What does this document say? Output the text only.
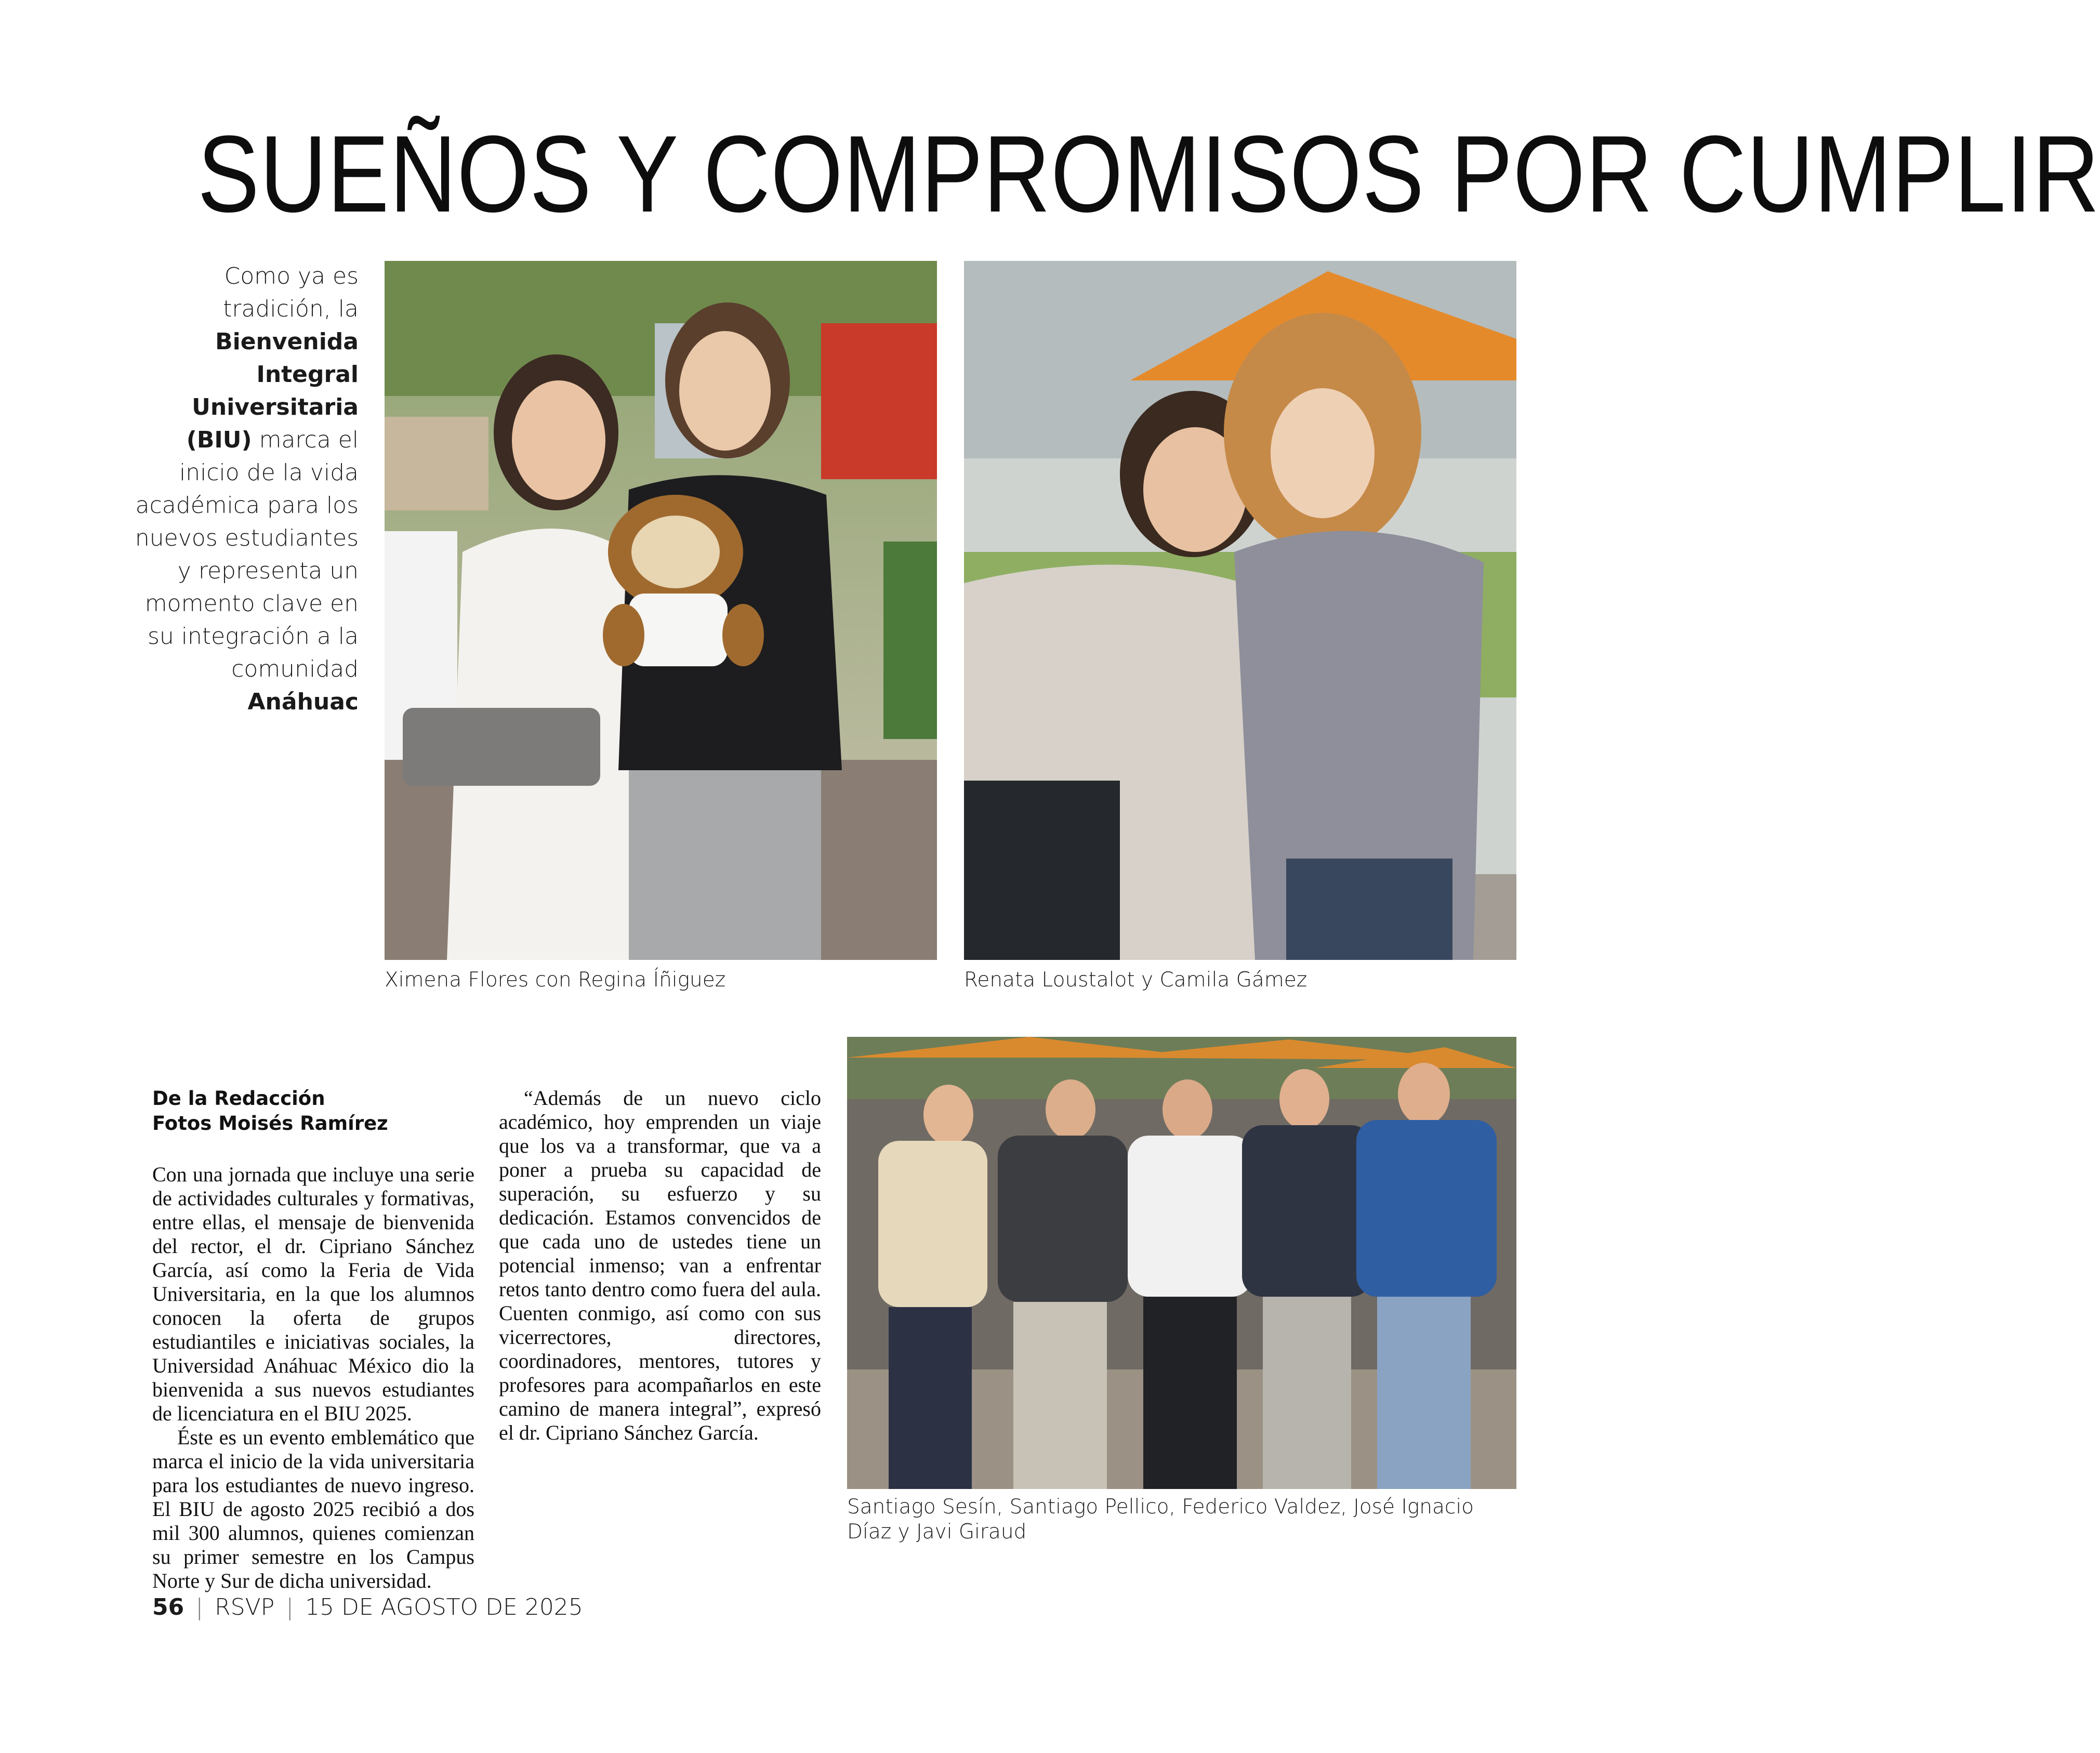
SUEÑOS Y COMPROMISOS POR CUMPLIR
Como ya es tradición, la Bienvenida Integral Universitaria (BIU) marca el inicio de la vida académica para los nuevos estudiantes y representa un momento clave en su integración a la comunidad Anáhuac
Ximena Flores con Regina Íñiguez	Renata Loustalot y Camila Gámez
Santiago Sesín, Santiago Pellico, Federico Valdez, José Ignacio Díaz y Javi Giraud
De la Redacción
Fotos Moisés Ramírez

Con una jornada que incluye una serie de actividades culturales y formativas, entre ellas, el mensaje de bienvenida del rector, el dr. Cipriano Sánchez García, así como la Feria de Vida Universitaria, en la que los alumnos conocen la oferta de grupos estudiantiles e iniciativas sociales, la Universidad Anáhuac México dio la bienvenida a sus nuevos estudiantes de licenciatura en el BIU 2025.

Éste es un evento emblemático que marca el inicio de la vida universitaria para los estudiantes de nuevo ingreso. El BIU de agosto 2025 recibió a dos mil 300 alumnos, quienes comienzan su primer semestre en los Campus Norte y Sur de dicha universidad.

“Además de un nuevo ciclo académico, hoy emprenden un viaje que los va a transformar, que va a poner a prueba su capacidad de superación, su esfuerzo y su dedicación. Estamos convencidos de que cada uno de ustedes tiene un potencial inmenso; van a enfrentar retos tanto dentro como fuera del aula. Cuenten conmigo, así como con sus vicerrectores, directores, coordinadores, mentores, tutores y profesores para acompañarlos en este camino de manera integral”, expresó el dr. Cipriano Sánchez García.

56 | RSVP | 15 DE AGOSTO DE 2025
